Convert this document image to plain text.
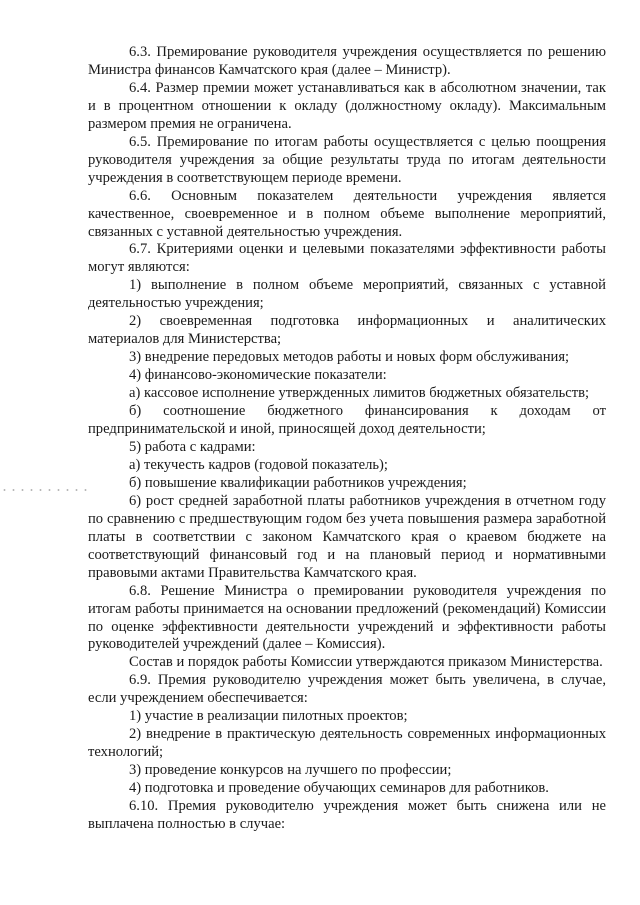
6.3. Премирование руководителя учреждения осуществляется по решению Министра финансов Камчатского края (далее – Министр).

6.4. Размер премии может устанавливаться как в абсолютном значении, так и в процентном отношении к окладу (должностному окладу). Максимальным размером премия не ограничена.

6.5. Премирование по итогам работы осуществляется с целью поощрения руководителя учреждения за общие результаты труда по итогам деятельности учреждения в соответствующем периоде времени.

6.6. Основным показателем деятельности учреждения является качественное, своевременное и в полном объеме выполнение мероприятий, связанных с уставной деятельностью учреждения.

6.7. Критериями оценки и целевыми показателями эффективности работы могут являются:

1) выполнение в полном объеме мероприятий, связанных с уставной деятельностью учреждения;

2) своевременная подготовка информационных и аналитических материалов для Министерства;

3) внедрение передовых методов работы и новых форм обслуживания;

4) финансово-экономические показатели:

а) кассовое исполнение утвержденных лимитов бюджетных обязательств;

б) соотношение бюджетного финансирования к доходам от предпринимательской и иной, приносящей доход деятельности;

5) работа с кадрами:

а) текучесть кадров (годовой показатель);

б) повышение квалификации работников учреждения;

6) рост средней заработной платы работников учреждения в отчетном году по сравнению с предшествующим годом без учета повышения размера заработной платы в соответствии с законом Камчатского края о краевом бюджете на соответствующий финансовый год и на плановый период и нормативными правовыми актами Правительства Камчатского края.

6.8. Решение Министра о премировании руководителя учреждения по итогам работы принимается на основании предложений (рекомендаций) Комиссии по оценке эффективности деятельности учреждений и эффективности работы руководителей учреждений (далее – Комиссия).

Состав и порядок работы Комиссии утверждаются приказом Министерства.

6.9. Премия руководителю учреждения может быть увеличена, в случае, если учреждением обеспечивается:

1) участие в реализации пилотных проектов;

2) внедрение в практическую деятельность современных информационных технологий;

3) проведение конкурсов на лучшего по профессии;

4) подготовка и проведение обучающих семинаров для работников.

6.10. Премия руководителю учреждения может быть снижена или не выплачена полностью в случае:
